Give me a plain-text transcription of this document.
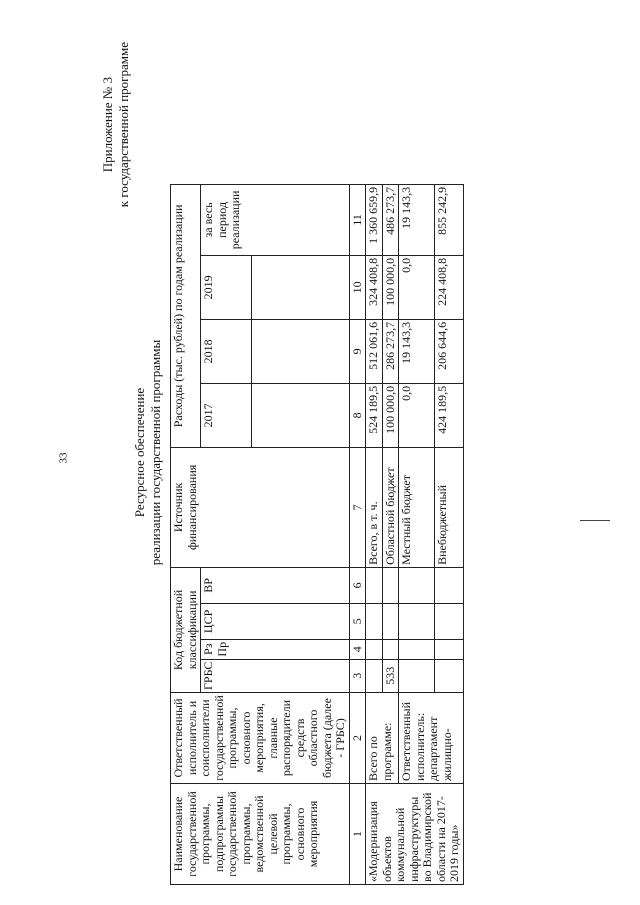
33
Приложение № 3 к государственной программе
Ресурсное обеспечение реализации государственной программы
Наименование государственной программы, подпрограммы государственной программы, ведомственной целевой программы, основного мероприятия	Ответственный исполнитель и соисполнители государственной программы, основного мероприятия, главные распорядители средств областного бюджета (далее - ГРБС)	Код бюджетной классификации				Источник финансирования	Расходы (тыс. рублей) по годам реализации			
		ГРБС	Рз Пр	ЦСР	ВР		2017	2018	2019	за весь период реализации

1	2	3	4	5	6	7	8	9	10	11
«Модернизация объектов коммунальной инфраструктуры во Владимирской области на 2017-2019 годы»	Всего по программе:					Всего, в т. ч.	524 189,5	512 061,6	324 408,8	1 360 659,9
		533				Областной бюджет	100 000,0	286 273,7	100 000,0	486 273,7
	Ответственный исполнитель: департамент жилищно-					Местный бюджет	0,0	19 143,3	0,0	19 143,3
						Внебюджетный	424 189,5	206 644,6	224 408,8	855 242,9
